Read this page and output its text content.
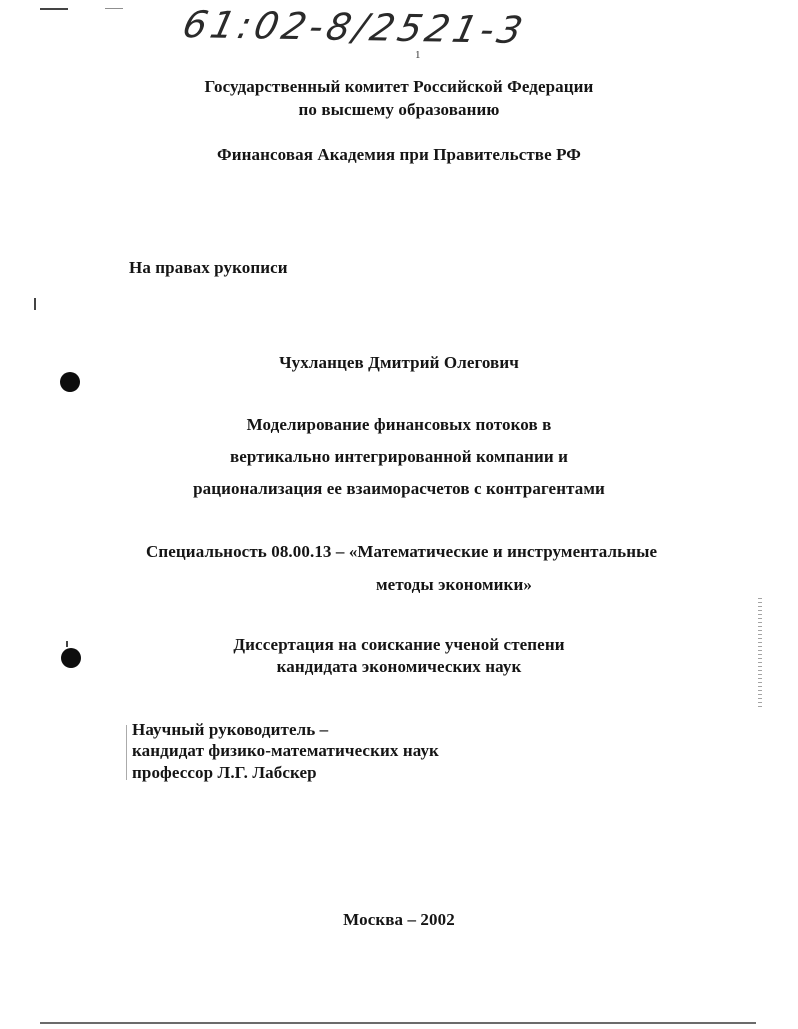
61:02-8/2521-3
1
Государственный комитет Российской Федерации
по высшему образованию
Финансовая Академия при Правительстве РФ
На правах рукописи
Чухланцев Дмитрий Олегович
Моделирование финансовых потоков в
вертикально интегрированной компании и
рационализация ее взаиморасчетов с контрагентами
Специальность 08.00.13 – «Математические и инструментальные
методы экономики»
Диссертация на соискание ученой степени
кандидата экономических наук
Научный руководитель –
кандидат физико-математических наук
профессор Л.Г. Лабскер
Москва – 2002
